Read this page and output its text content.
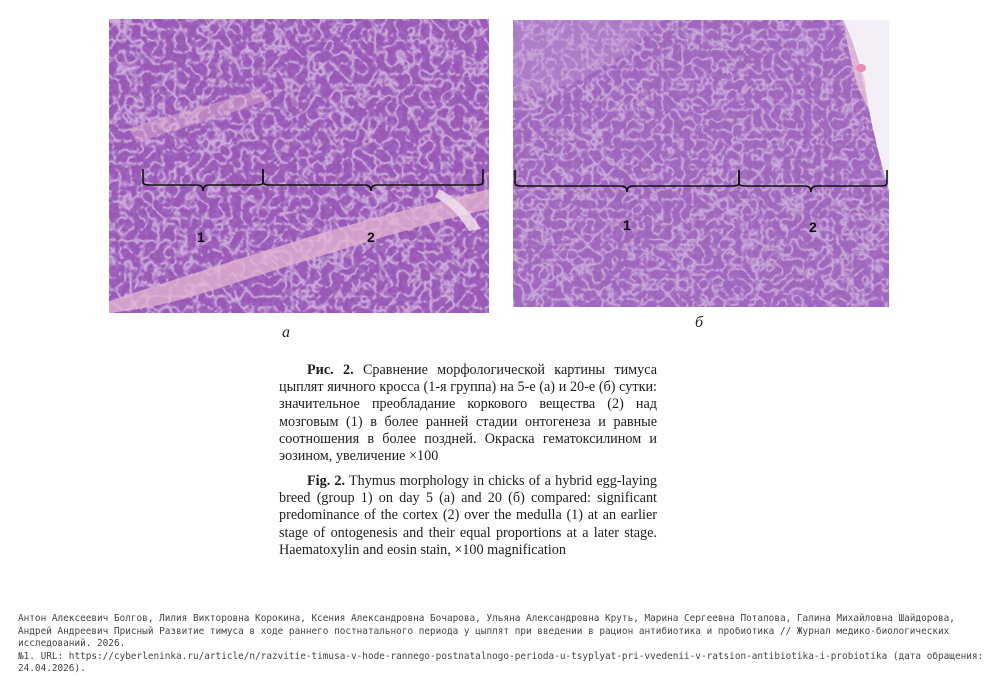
1	2
а
1	2
б
Рис. 2. Сравнение морфологической картины тимуса цыплят яичного кросса (1-я группа) на 5-е (а) и 20-е (б) сутки: значительное преобладание коркового вещества (2) над мозговым (1) в более ранней стадии онтогенеза и равные соотношения в более поздней. Окраска гематоксилином и эозином, увеличение ×100
Fig. 2. Thymus morphology in chicks of a hybrid egg-laying breed (group 1) on day 5 (a) and 20 (б) compared: significant predominance of the cortex (2) over the medulla (1) at an earlier stage of ontogenesis and their equal proportions at a later stage. Haematoxylin and eosin stain, ×100 magnification
Антон Алексеевич Болгов, Лилия Викторовна Корокина, Ксения Александровна Бочарова, Ульяна Александровна Круть, Марина Сергеевна Потапова, Галина Михайловна Шайдорова,
Андрей Андреевич Присный Развитие тимуса в ходе раннего постнатального периода у цыплят при введении в рацион антибиотика и пробиотика // Журнал медико-биологических исследований. 2026.
№1. URL: https://cyberleninka.ru/article/n/razvitie-timusa-v-hode-rannego-postnatalnogo-perioda-u-tsyplyat-pri-vvedenii-v-ratsion-antibiotika-i-probiotika (дата обращения: 24.04.2026).
